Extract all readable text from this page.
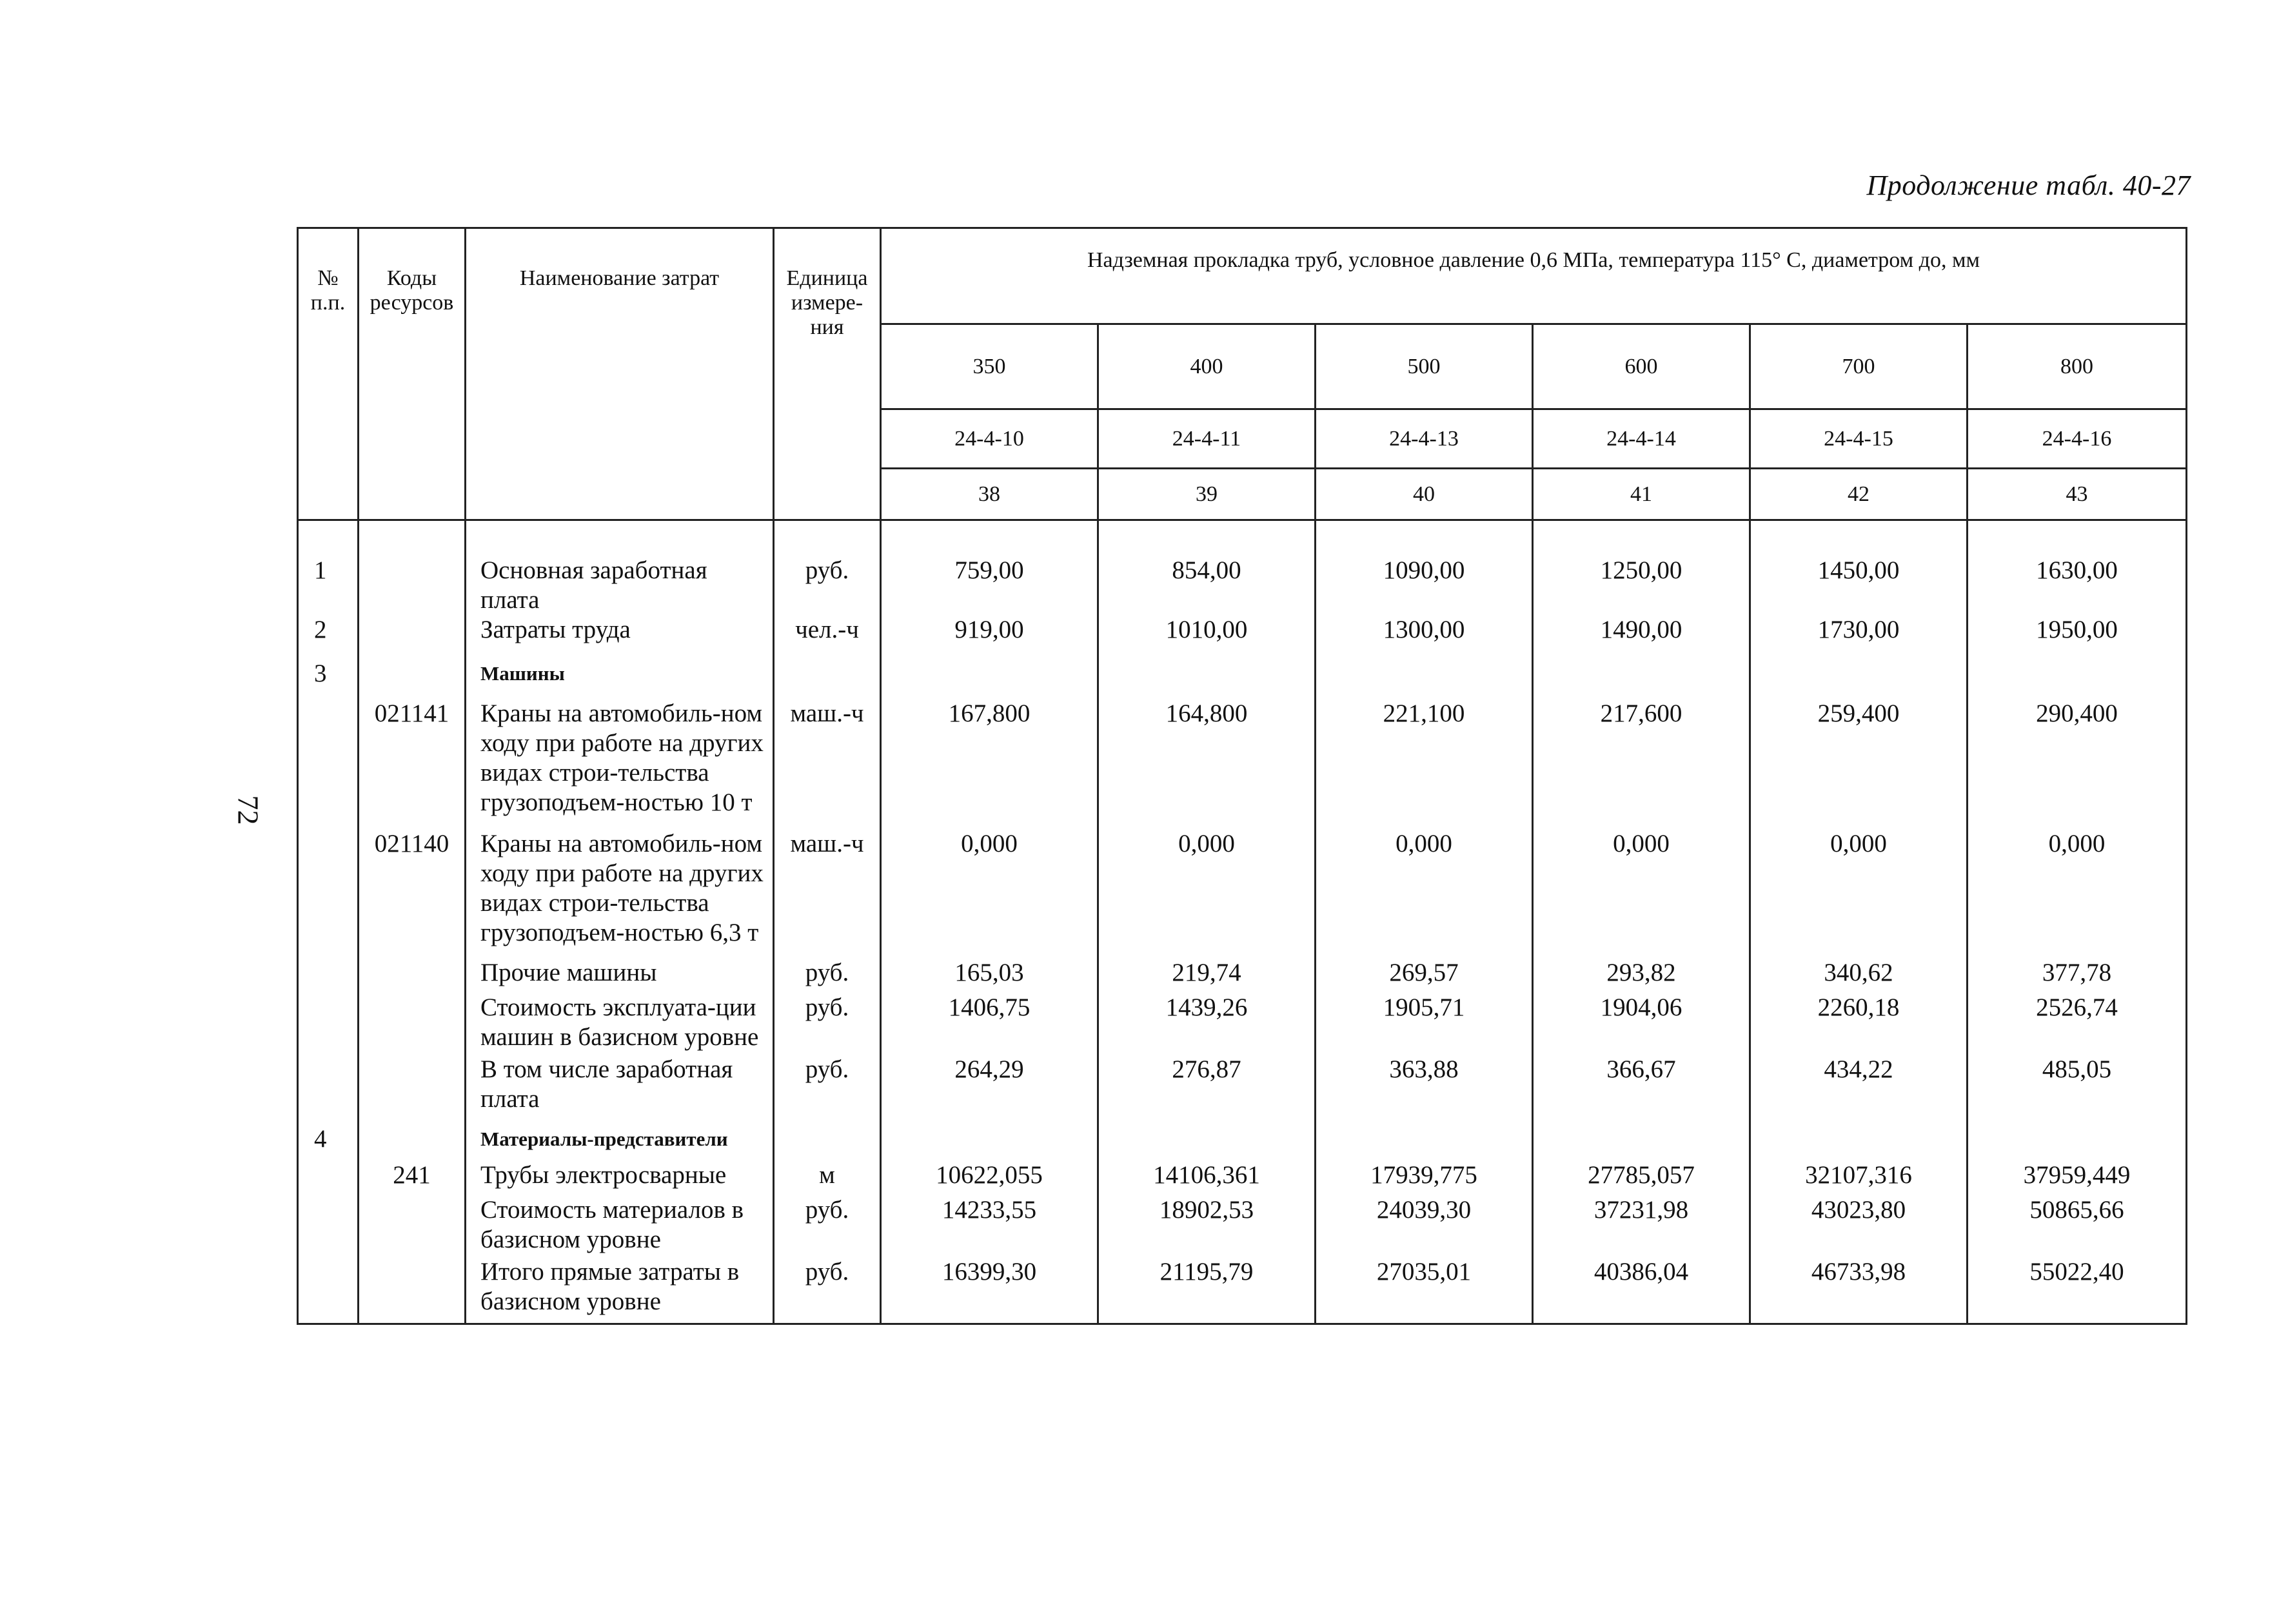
Продолжение табл. 40-27
72
№ п.п.	Коды ресурсов	Наименование затрат	Единица измере-ния	Надземная прокладка труб, условное давление 0,6 МПа, температура 115° С, диаметром до, мм					
				350	400	500	600	700	800
				24-4-10	24-4-11	24-4-13	24-4-14	24-4-15	24-4-16
				38	39	40	41	42	43
1		Основная заработная плата	руб.	759,00	854,00	1090,00	1250,00	1450,00	1630,00
2		Затраты труда	чел.-ч	919,00	1010,00	1300,00	1490,00	1730,00	1950,00
3		Машины							
	021141	Краны на автомобиль-ном ходу при работе на других видах строи-тельства грузоподъем-ностью 10 т	маш.-ч	167,800	164,800	221,100	217,600	259,400	290,400
	021140	Краны на автомобиль-ном ходу при работе на других видах строи-тельства грузоподъем-ностью 6,3 т	маш.-ч	0,000	0,000	0,000	0,000	0,000	0,000
		Прочие машины	руб.	165,03	219,74	269,57	293,82	340,62	377,78
		Стоимость эксплуата-ции машин в базисном уровне	руб.	1406,75	1439,26	1905,71	1904,06	2260,18	2526,74
		В том числе заработная плата	руб.	264,29	276,87	363,88	366,67	434,22	485,05
4		Материалы-представители							
	241	Трубы электросварные	м	10622,055	14106,361	17939,775	27785,057	32107,316	37959,449
		Стоимость материалов в базисном уровне	руб.	14233,55	18902,53	24039,30	37231,98	43023,80	50865,66
		Итого прямые затраты в базисном уровне	руб.	16399,30	21195,79	27035,01	40386,04	46733,98	55022,40
